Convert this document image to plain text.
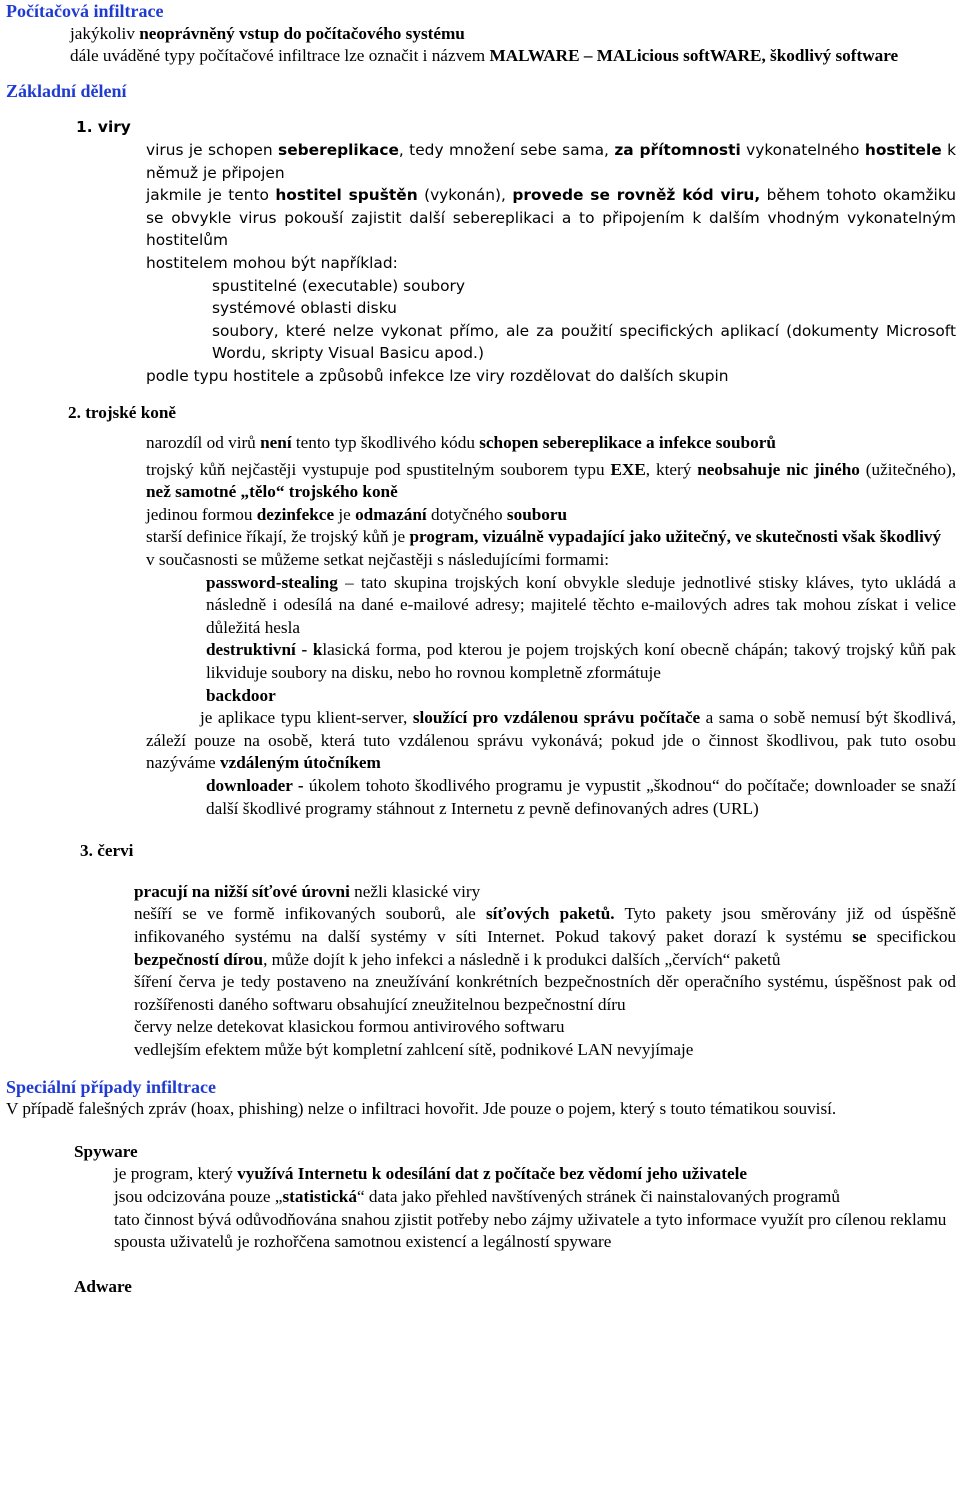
Počítačová infiltrace

jakýkoliv neoprávněný vstup do počítačového systému
dále uváděné typy počítačové infiltrace lze označit i názvem MALWARE – MALicious softWARE, škodlivý software

Základní dělení

1. viry

virus je schopen sebereplikace, tedy množení sebe sama, za přítomnosti vykonatelného hostitele k němuž je připojen
jakmile je tento hostitel spuštěn (vykonán), provede se rovněž kód viru, během tohoto okamžiku se obvykle virus pokouší zajistit další sebereplikaci a to připojením k dalším vhodným vykonatelným hostitelům
hostitelem mohou být například:
spustitelné (executable) soubory
systémové oblasti disku
soubory, které nelze vykonat přímo, ale za použití specifických aplikací (dokumenty Microsoft Wordu, skripty Visual Basicu apod.)
podle typu hostitele a způsobů infekce lze viry rozdělovat do dalších skupin

2. trojské koně

narozdíl od virů není tento typ škodlivého kódu schopen sebereplikace a infekce souborů
trojský kůň nejčastěji vystupuje pod spustitelným souborem typu EXE, který neobsahuje nic jiného (užitečného), než samotné „tělo“ trojského koně
jedinou formou dezinfekce je odmazání dotyčného souboru
starší definice říkají, že trojský kůň je program, vizuálně vypadající jako užitečný, ve skutečnosti však škodlivý
v současnosti se můžeme setkat nejčastěji s následujícími formami:
password-stealing – tato skupina trojských koní obvykle sleduje jednotlivé stisky kláves, tyto ukládá a následně i odesílá na dané e-mailové adresy; majitelé těchto e-mailových adres tak mohou získat i velice důležitá hesla
destruktivní - klasická forma, pod kterou je pojem trojských koní obecně chápán; takový trojský kůň pak likviduje soubory na disku, nebo ho rovnou kompletně zformátuje
backdoor

je aplikace typu klient-server, sloužící pro vzdálenou správu počítače a sama o sobě nemusí být škodlivá, záleží pouze na osobě, která tuto vzdálenou správu vykonává; pokud jde o činnost škodlivou, pak tuto osobu nazýváme vzdáleným útočníkem

downloader - úkolem tohoto škodlivého programu je vypustit „škodnou“ do počítače; downloader se snaží další škodlivé programy stáhnout z Internetu z pevně definovaných adres (URL)

3. červi

pracují na nižší síťové úrovni nežli klasické viry
nešíří se ve formě infikovaných souborů, ale síťových paketů. Tyto pakety jsou směrovány již od úspěšně infikovaného systému na další systémy v síti Internet. Pokud takový paket dorazí k systému se specifickou bezpečností dírou, může dojít k jeho infekci a následně i k produkci dalších „červích“ paketů
šíření červa je tedy postaveno na zneužívání konkrétních bezpečnostních děr operačního systému, úspěšnost pak od rozšířenosti daného softwaru obsahující zneužitelnou bezpečnostní díru
červy nelze detekovat klasickou formou antivirového softwaru
vedlejším efektem může být kompletní zahlcení sítě, podnikové LAN nevyjímaje

Speciální případy infiltrace

V případě falešných zpráv (hoax, phishing) nelze o infiltraci hovořit. Jde pouze o pojem, který s touto tématikou souvisí.

Spyware
je program, který využívá Internetu k odesílání dat z počítače bez vědomí jeho uživatele
jsou odcizována pouze „statistická“ data jako přehled navštívených stránek či nainstalovaných programů
tato činnost bývá odůvodňována snahou zjistit potřeby nebo zájmy uživatele a tyto informace využít pro cílenou reklamu
spousta uživatelů je rozhořčena samotnou existencí a legálností spyware
Adware
